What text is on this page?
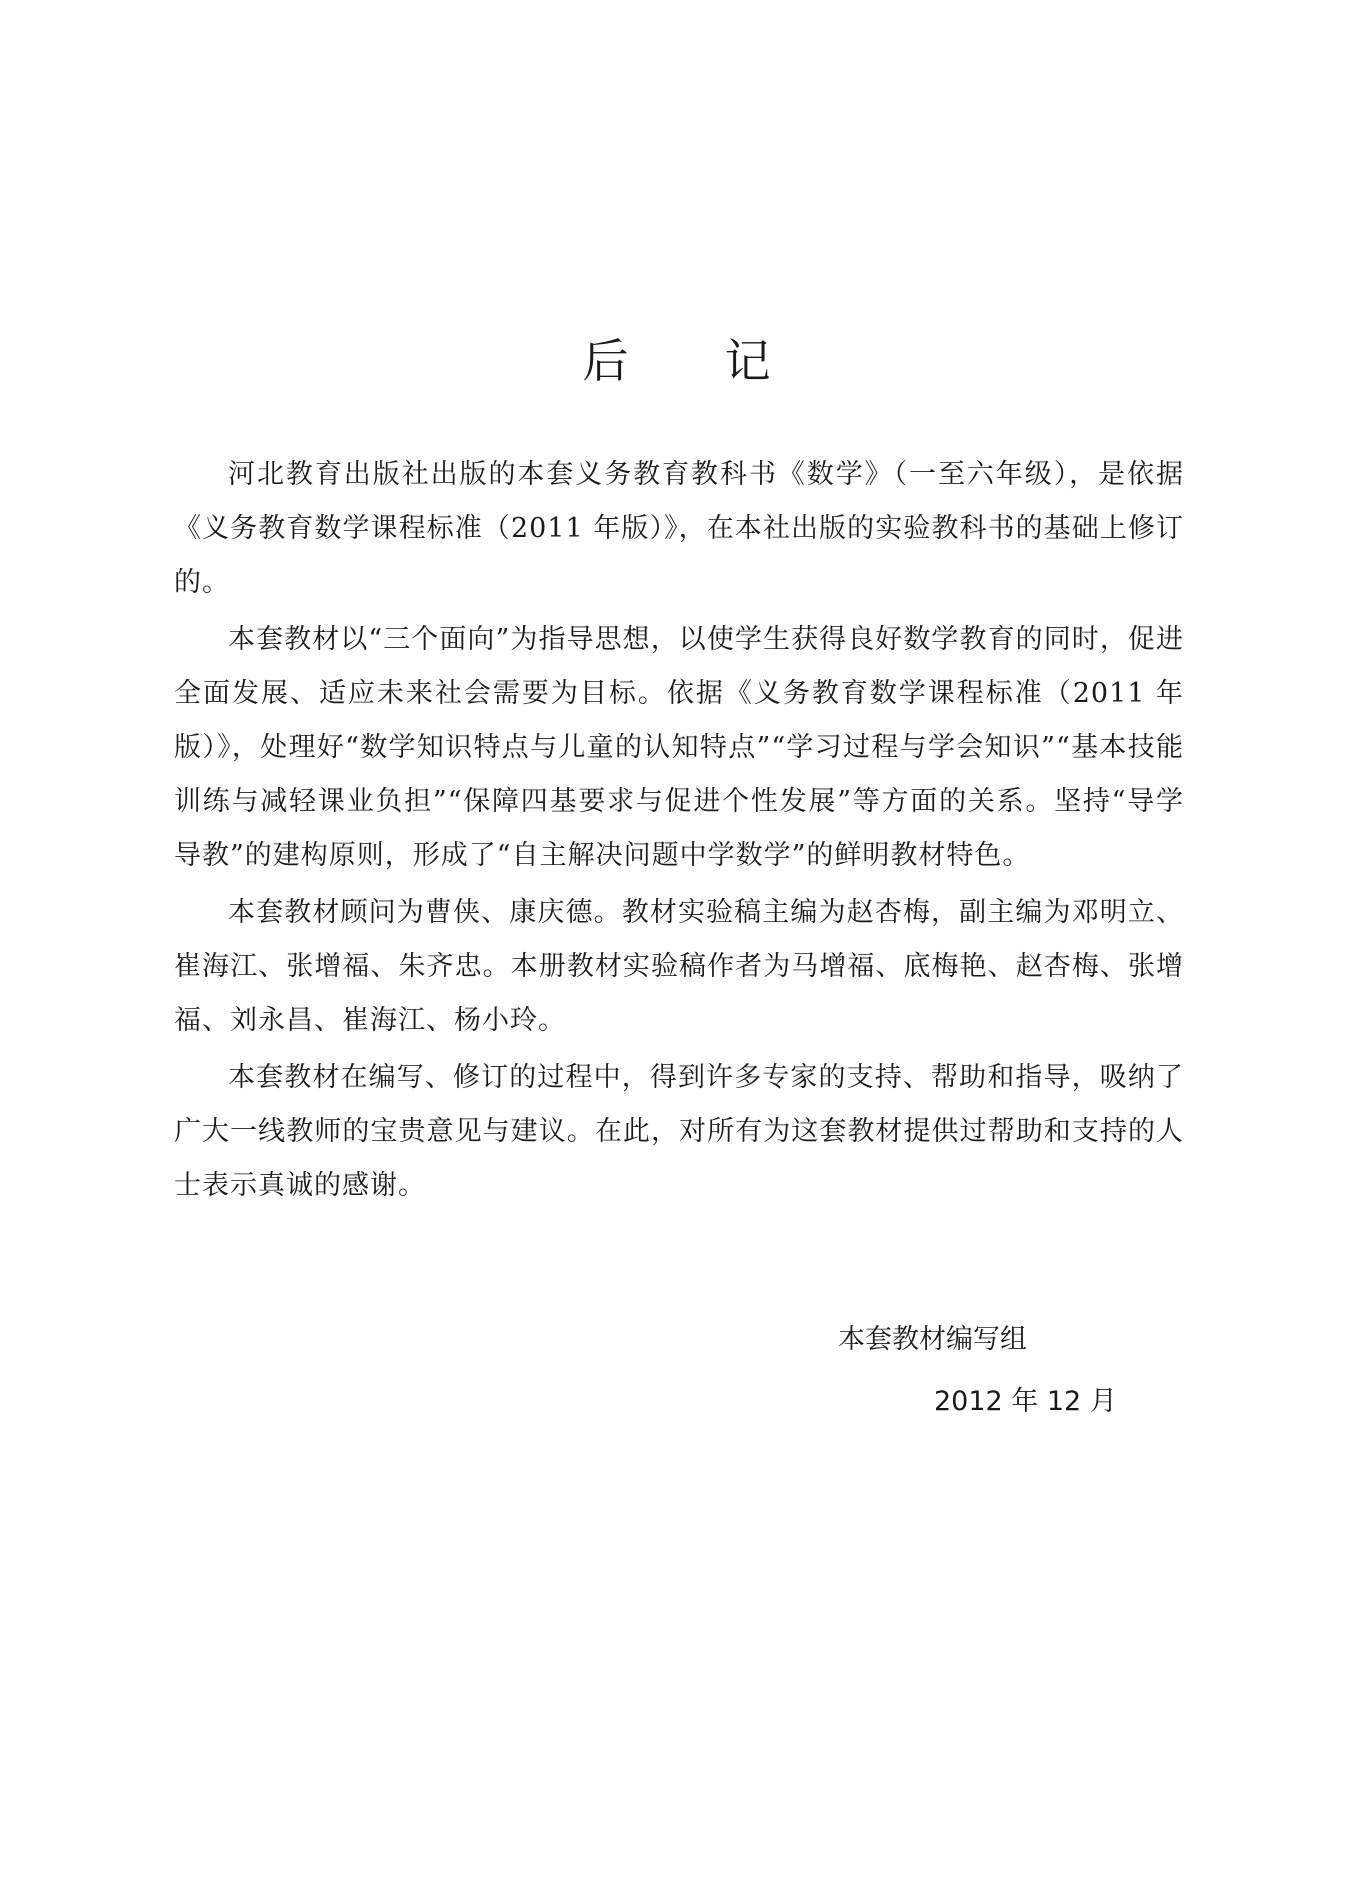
后 记

河北教育出版社出版的本套义务教育教科书《数学》（一至六年级），是依据《义务教育数学课程标准（2011 年版）》，在本社出版的实验教科书的基础上修订的。

本套教材以“三个面向”为指导思想，以使学生获得良好数学教育的同时，促进全面发展、适应未来社会需要为目标。依据《义务教育数学课程标准（2011 年版）》，处理好“数学知识特点与儿童的认知特点”“学习过程与学会知识”“基本技能训练与减轻课业负担”“保障四基要求与促进个性发展”等方面的关系。坚持“导学导教”的建构原则，形成了“自主解决问题中学数学”的鲜明教材特色。

本套教材顾问为曹侠、康庆德。教材实验稿主编为赵杏梅，副主编为邓明立、崔海江、张增福、朱齐忠。本册教材实验稿作者为马增福、底梅艳、赵杏梅、张增福、刘永昌、崔海江、杨小玲。

本套教材在编写、修订的过程中，得到许多专家的支持、帮助和指导，吸纳了广大一线教师的宝贵意见与建议。在此，对所有为这套教材提供过帮助和支持的人士表示真诚的感谢。

本套教材编写组
2012 年 12 月
